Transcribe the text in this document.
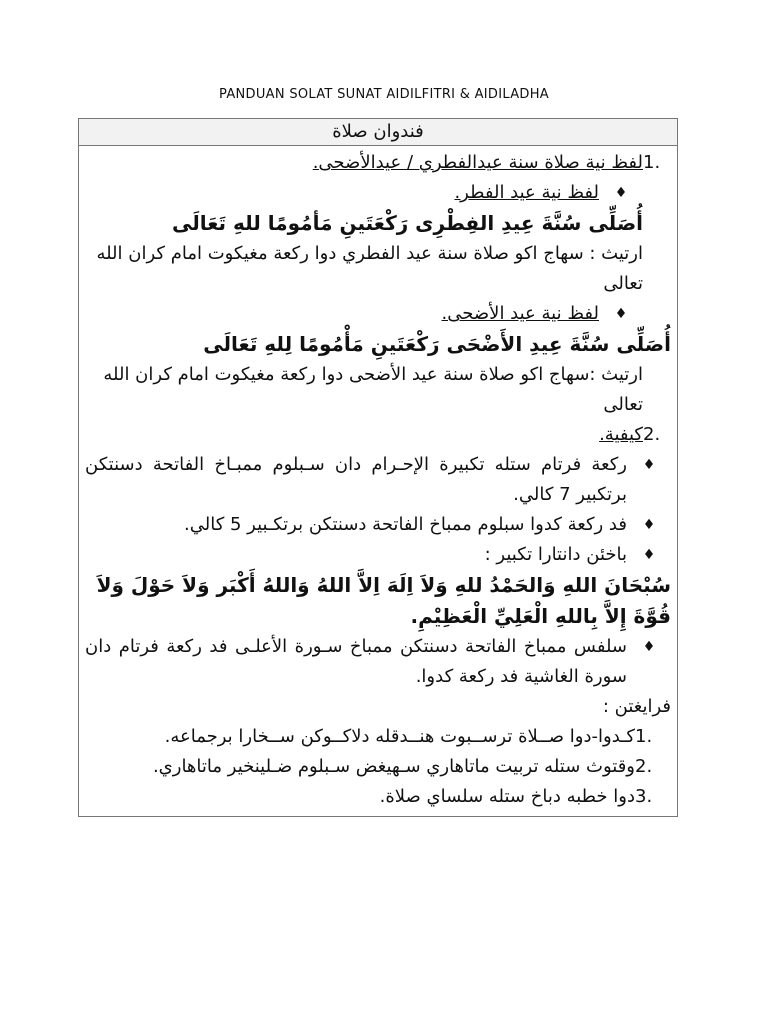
PANDUAN SOLAT SUNAT AIDILFITRI & AIDILADHA
فندوان صلاة
1.
لفظ نية صلاة سنة عيدالفطري / عيدالأضحى.
♦
لفظ نية عيد الفطر.
أُصَلِّى سُنَّةَ عِيدِ الفِطْرِى رَكْعَتَينِ مَأمُومًا للهِ تَعَالَى
ارتيث : سهاج اکو صلاة سنة عيد الفطري دوا رکعة مغيکوت امام کران الله تعالى
♦
لفظ نية عيد الأضحى.
أُصَلِّى سُنَّةَ عِيدِ الأَضْحَى رَكْعَتَينِ مَأْمُومًا لِلهِ تَعَالَى
ارتيث :سهاج اکو صلاة سنة عيد الأضحى دوا رکعة مغيکوت امام کران الله تعالى
2.
کيفية.
♦
رکعة فرتام ستله تکبيرة الإحـرام دان سـبلوم ممبـاخ الفاتحة دسنتکن برتکبير 7 کالي.
♦
فد رکعة کدوا سبلوم ممباخ الفاتحة دسنتکن برتکـبير 5 کالي.
♦
باخئن دانتارا تکبير :
سُبْحَانَ اللهِ وَالحَمْدُ للهِ وَلاَ اِلَهَ اِلاَّ اللهُ وَاللهُ أَكْبَر وَلاَ حَوْلَ وَلاَ قُوَّةَ إِلاَّ بِاللهِ الْعَلِيِّ الْعَظِيْمِ.
♦
سلفس ممباخ الفاتحة دسنتکن ممباخ سـورة الأعلـى فد رکعة فرتام دان سورة الغاشية فد رکعة کدوا.
فرايغتن :
1.
کـدوا-دوا صــلاة ترســبوت هنــدقله دلاکــوکن ســخارا برجماعه.
2.
وقتوث ستله تربيت ماتاهاري سـهيغض سـبلوم ضـلينخير ماتاهاري.
3.
دوا خطبه دباخ ستله سلساي صلاة.
